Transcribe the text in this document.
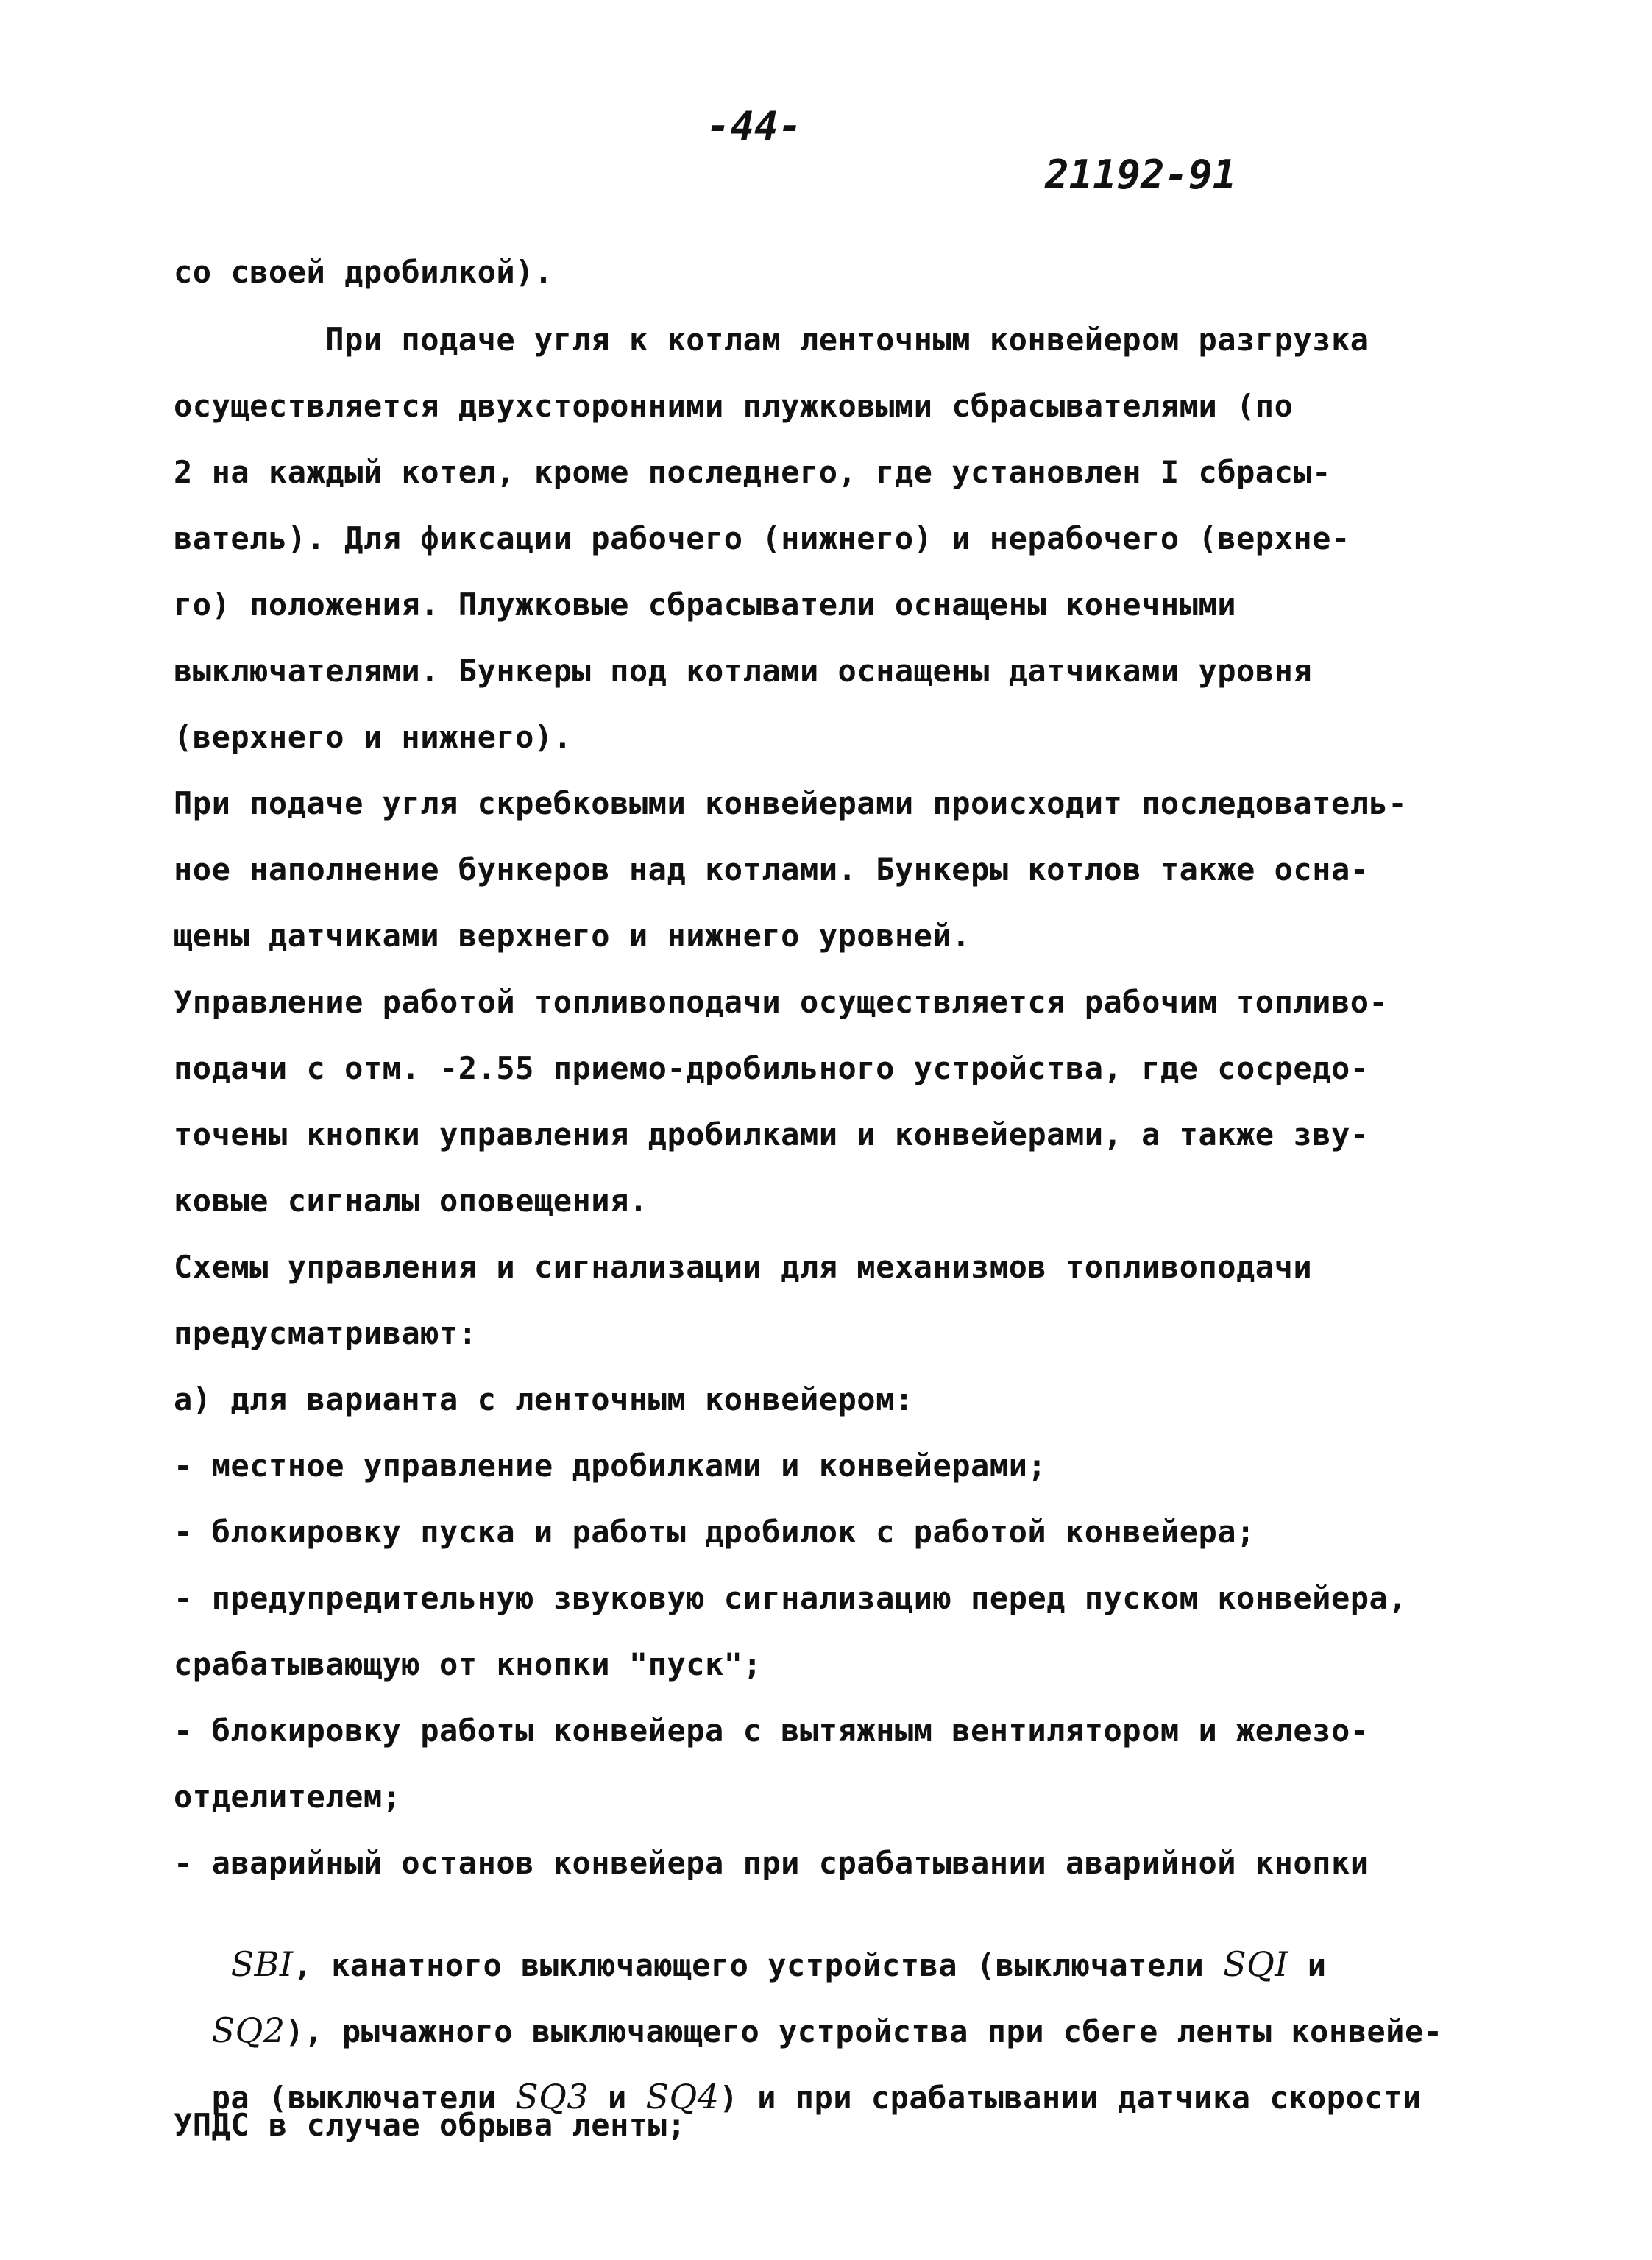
-44-
21192-91
со своей дробилкой).
При подаче угля к котлам ленточным конвейером разгрузка
осуществляется двухсторонними плужковыми сбрасывателями (по
2 на каждый котел, кроме последнего, где установлен I сбрасы-
ватель). Для фиксации рабочего (нижнего) и нерабочего (верхне-
го) положения. Плужковые сбрасыватели оснащены конечными
выключателями. Бункеры под котлами оснащены датчиками уровня
(верхнего и нижнего).
При подаче угля скребковыми конвейерами происходит последователь-
ное наполнение бункеров над котлами. Бункеры котлов также осна-
щены датчиками верхнего и нижнего уровней.
Управление работой топливоподачи осуществляется рабочим топливо-
подачи с отм. -2.55 приемо-дробильного устройства, где сосредо-
точены кнопки управления дробилками и конвейерами, а также зву-
ковые сигналы оповещения.
Схемы управления и сигнализации для механизмов топливоподачи
предусматривают:
а) для варианта с ленточным конвейером:
- местное управление дробилками и конвейерами;
- блокировку пуска и работы дробилок с работой конвейера;
- предупредительную звуковую сигнализацию перед пуском конвейера,
срабатывающую от кнопки "пуск";
- блокировку работы конвейера с вытяжным вентилятором и железо-
отделителем;
- аварийный останов конвейера при срабатывании аварийной кнопки

SBI, канатного выключающего устройства (выключатели SQI и

SQ2), рычажного выключающего устройства при сбеге ленты конвейе-

ра (выключатели SQ3 и SQ4) и при срабатывании датчика скорости

УПДС в случае обрыва ленты;
